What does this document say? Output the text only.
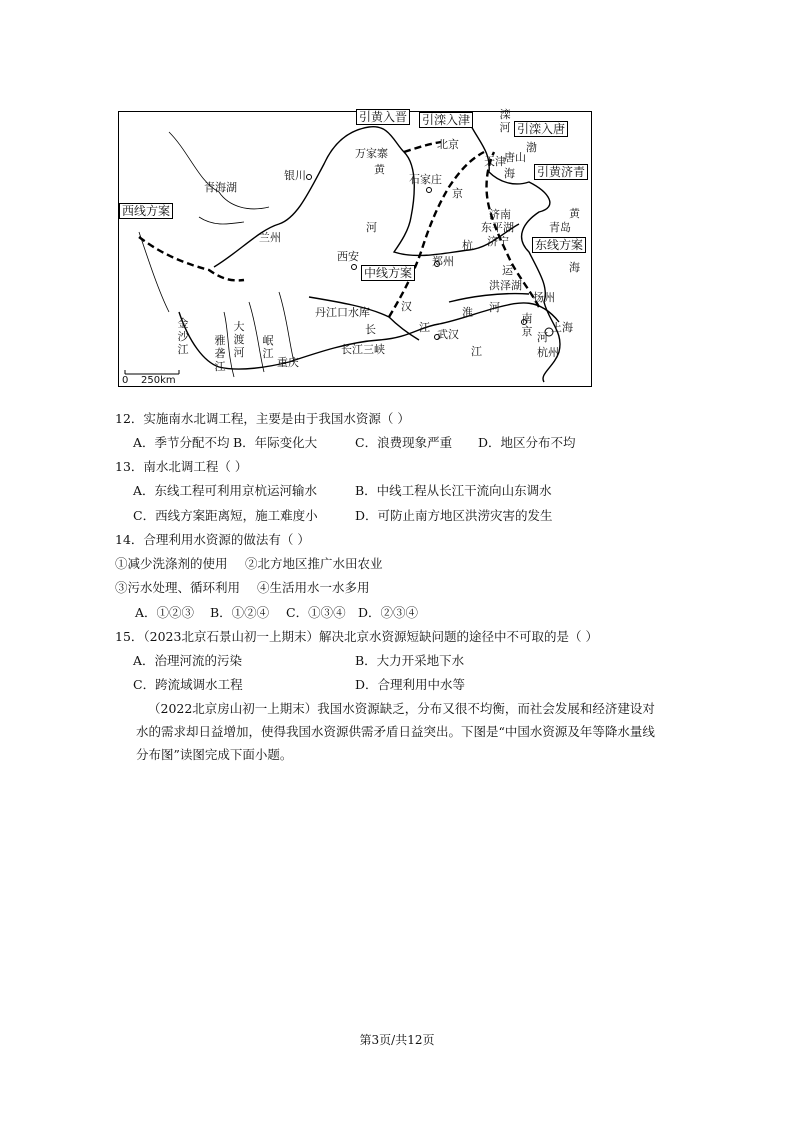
引黄入晋 引滦入津	滦河 引滦入唐
万家寨
北京
天津
唐山
渤
海 引黄济青
青海湖
银川	黄
石家庄
京
西线方案
兰州
河
济南
东平湖
济宁
青岛
黄
东线方案
杭
西安	郑州
中线方案	运	海
洪泽湖
扬州
丹江口水库	汉	淮 河
南京
金沙江
雅砻江
大渡河
岷江
长	江
武汉
江
河
上海
杭州
重庆
长江三峡
0 250km
12．实施南水北调工程，主要是由于我国水资源（ ）
A．季节分配不均 B．年际变化大	C．浪费现象严重 D．地区分布不均
13．南水北调工程（ ）
A．东线工程可利用京杭运河输水	B．中线工程从长江干流向山东调水
C．西线方案距离短，施工难度小	D．可防止南方地区洪涝灾害的发生
14．合理利用水资源的做法有（ ）
①减少洗涤剂的使用 ②北方地区推广水田农业
③污水处理、循环利用 ④生活用水一水多用
A．①②③ B．①②④ C．①③④ D．②③④
15．（2023北京石景山初一上期末）解决北京水资源短缺问题的途径中不可取的是（ ）
A．治理河流的污染	B．大力开采地下水
C．跨流域调水工程	D．合理利用中水等
（2022北京房山初一上期末）我国水资源缺乏，分布又很不均衡，而社会发展和经济建设对水的需求却日益增加，使得我国水资源供需矛盾日益突出。下图是“中国水资源及年等降水量线分布图”读图完成下面小题。
第3页/共12页
